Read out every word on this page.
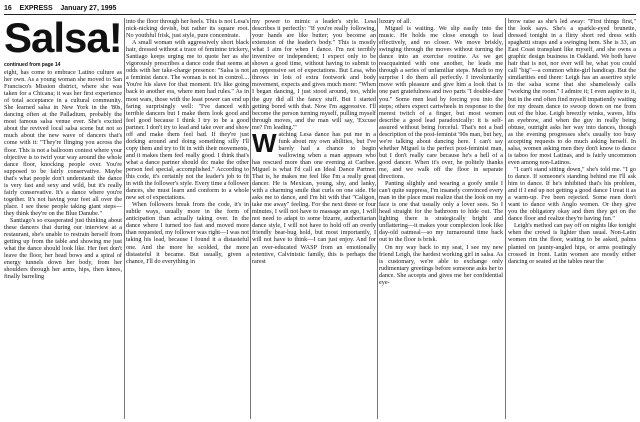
16 EXPRESS January 27, 1995
Salsa!
continued from page 14

eight, has come to embrace Latino culture as her own. As a young woman she moved to San Francisco's Mission district, where she was taken for a Chicana; it was her first experience of total acceptance in a cultural community. She learned salsa in New York in the '80s, dancing often at the Palladium, probably the most famous salsa venue ever. She's excited about the revived local salsa scene but not so much about the new wave of dancers that's come with it: "They're flinging you across the floor. This is not a ballroom contest where your objective is to twirl your way around the whole dance floor, knocking people over. You're supposed to be fairly conservative. Maybe that's what people don't understand: the dance is very fast and sexy and wild, but it's really fairly conservative. It's a dance where you're together. It's not having your feet all over the place. I see these people taking giant steps—they think they're on the Blue Danube."

Santiago's so exasperated just thinking about these dancers that during our interview at a restaurant, she's unable to restrain herself from getting up from the table and showing me just what the dance should look like. Her feet don't leave the floor, her head bows and a spiral of energy tunnels down her body, from her shoulders through her arms, hips, then knees, finally barreling

into the floor through her heels. This is not Lesa's nick-nicking devish, but rather its square root. No youthful frisk, just style, pure concentrate.

A small woman with aggressively short black hair, dressed without a trace of feminine trickery, Santiago keeps urging me to quote her as she vigorously prescribes a dance code that seems at odds with her take-charge presence: "Salsa is not a feminist dance. The woman is not in control.... You're his slave for that moment. It's like going back to another era, where men had rules." As in most wars, those with the least power can end up faring surprisingly well: "I've danced with terrible dancers but I make them look good and feel good because I think I try to be a good partner. I don't try to lead and take over and show off and make them feel bad. If they're just dorking around and doing something silly I'll copy them and try to fit in with their movements, and it makes them feel really good. I think that's what a dance partner should do: make the other person feel special, accomplished." According to this code, it's certainly not the leader's job to fit in with the follower's style. Every time a follower dances, she must learn and conform to a whole new set of expectations.

When followers break from the code, it's in subtle ways, usually more in the form of anticipation than actually taking over. In the dance where I turned too fast and moved more than requested, my follower was right—I was not taking his lead, because I found it a distasteful one. And the more he scolded, the more distasteful it became. But usually, given a chance, I'll do everything in

my power to mimic a leader's style. Lesa describes it perfectly: "If you're really following, your hands are like butter; you become an extension of the leader's body." This is mostly what I aim for when I dance. I'm not terribly inventive or independent; I expect only to be shown a good time, without having to submit to an oppressive set of expectations. But Lesa, who throws in lots of extra footwork and body movement, expects and gives much more: "When I began dancing, I just stood around, too, while the guy did all the fancy stuff. But I started getting bored with that. Now I'm aggressive. I'll become the person turning myself, pulling myself through moves, and the man will say, 'Excuse me? I'm leading.'"

Watching Lesa dance has put me in a funk about my own abilities, but I've barely had a chance to begin wallowing when a man appears who has rescued more than one evening at Caribee. Miguel is what I'd call an Ideal Dance Partner. That is, he makes me feel like I'm a really great dancer. He is Mexican, young, shy, and lanky, with a charming smile that curls on one side. He asks me to dance, and I'm hit with that "Caligon, take me away" feeling. For the next three or four minutes, I will not have to massage an ego, I will not need to adapt to some bizarre, authoritarian dance style, I will not have to hold off an overly friendly bear-hug hold, but most importantly, I will not have to think—I can just enjoy. And for an over-educated WASP from an emotionally retentive, Calvinistic family, this is perhaps the rarest

luxury of all.

Miguel is waiting. We slip easily into the music. He holds me close enough to lead effectively, and no closer. We move briskly, swinging through the moves without turning the dance into an exercise routine. As we get reacquainted with one another, he leads me through a series of unfamiliar steps. Much to my surprise I do them all perfectly. I involuntarily move with pleasure and give him a look that is one part gratefulness and two parts "I double-dare you." Some men lead by forcing you into the steps; others expect cartwheels in response to the merest twitch of a finger, but most women describe a good lead paradoxically: it is self-assured without being forceful. That's not a bad description of the post-feminist '90s man, but hey, we're talking about dancing here. I can't say whether Miguel is the perfect post-feminist man, but I don't really care because he's a hell of a good dancer. When it's over, he politely thanks me, and we walk off the floor in separate directions.

Panting slightly and wearing a goofy smile I can't quite suppress, I'm insanely convinced every man in the place must realize that the look on my face is one that usually only a lover sees. So I head straight for the bathroom to hide out. The lighting there is strategically bright and unflattering—it makes your complexion look like day-old oatmeal—so my turnaround time back out to the floor is brisk.

On my way back to my seat, I see my new friend Leigh, the hardest working girl in salsa. As is customary, we're able to exchange only rudimentary greetings before someone asks her to dance. She accepts and gives me her confidential eye-

brow raise as she's led away: "First things first," the look says. She's a sparkle-eyed brunette, dressed tonight in a flirty short red dress with spaghetti straps and a swinging hem. She is 33, an East Coast transplant like myself, and she owns a graphic design business in Oakland. We both have hair that is not, nor ever will be, what you could call "big"—a common white-girl handicap. But the similarities end there: Leigh has an assertive style in the salsa scene that she shamelessly calls "working the room." I admire it; I even aspire to it, but in the end often find myself impatiently waiting for my dream dance to swoop down on me from out of the blue. Leigh breezily winks, waves, lifts an eyebrow, and when the guy in really being obtuse, outright asks her way into dances, though as the evening progresses she's usually too busy accepting requests to do much asking herself. In salsa, women asking men they don't know to dance is taboo for most Latinas, and is fairly uncommon even among non-Latinos.

"I can't stand sitting down," she's told me. "I go to dance. If someone's standing behind me I'll ask him to dance. If he's inhibited that's his problem, and if I end up not getting a good dance I treat it as a warm-up. I've been rejected. Some men don't want to dance with Anglo women. Or they give you the obligatory okay and then they get on the dance floor and realize they're having fun."

Leigh's method can pay off on nights like tonight when the crowd is lighter than usual. Non-Latin women rim the floor, waiting to be asked, palms planted on jaunty-angled hips, or arms poutingly crossed in front. Latin women are mostly either dancing or seated at the tables near the
